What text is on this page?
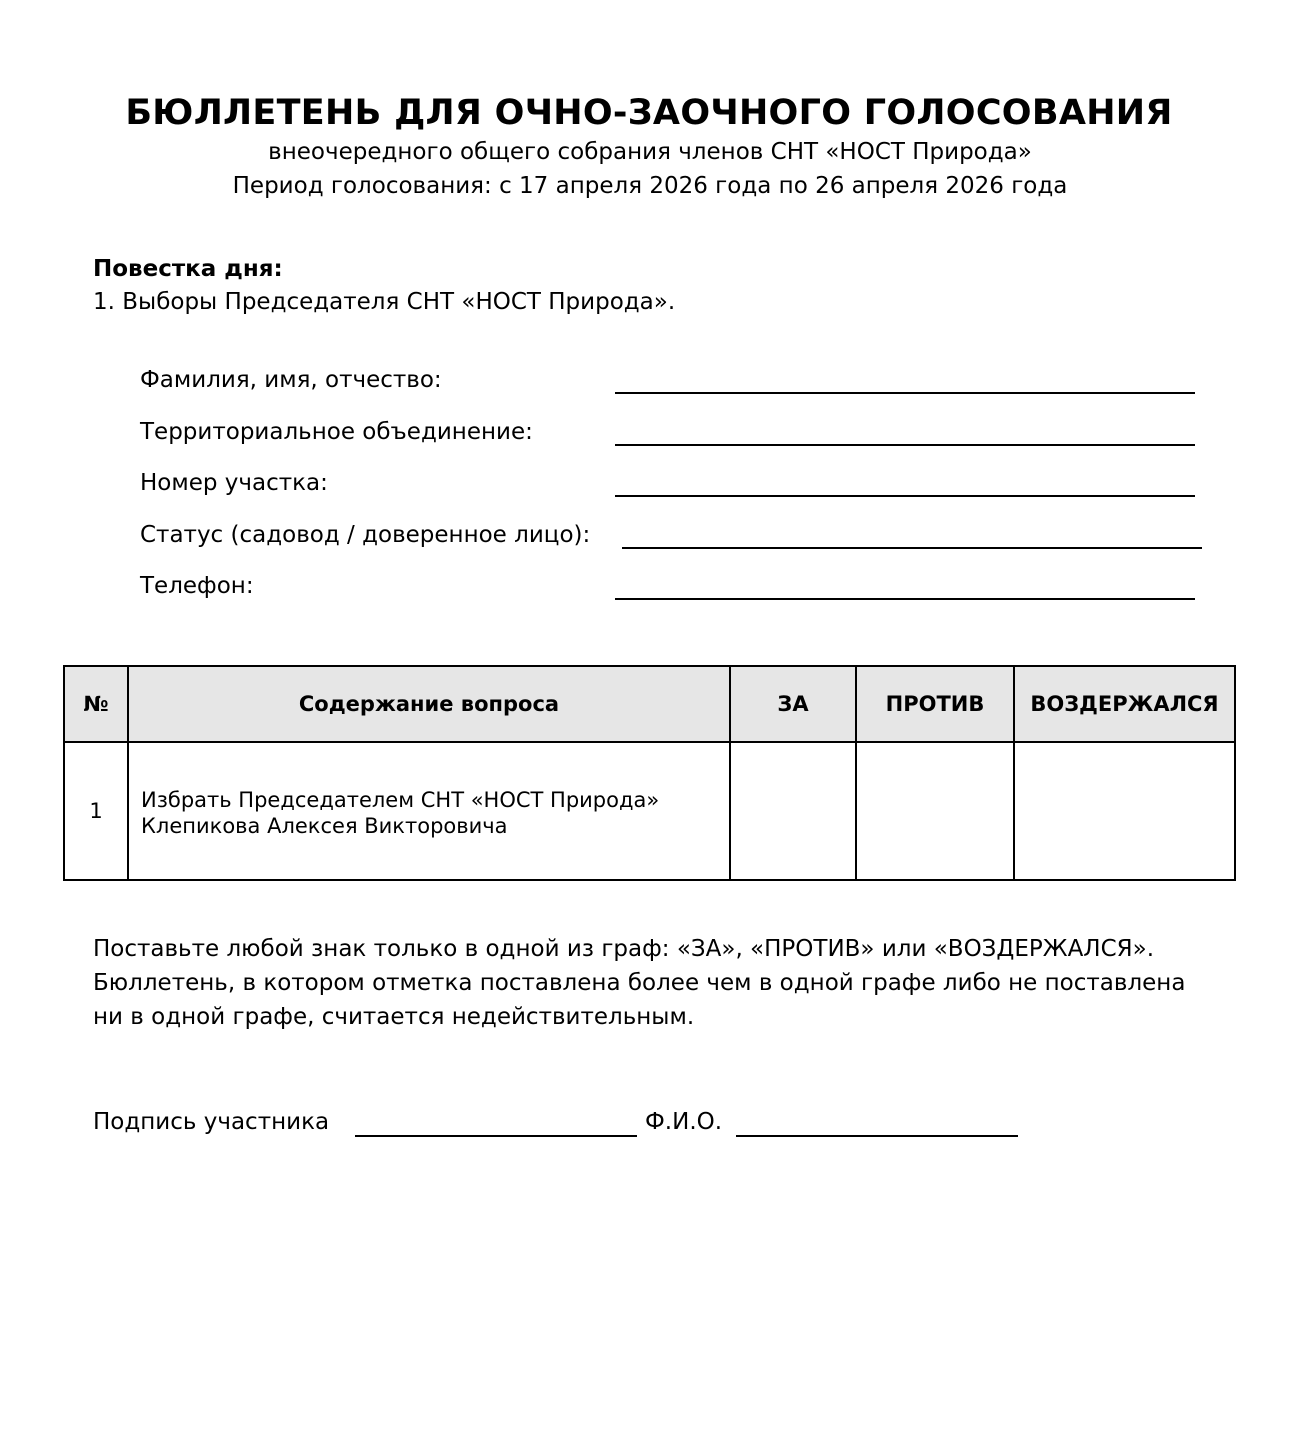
БЮЛЛЕТЕНЬ ДЛЯ ОЧНО-ЗАОЧНОГО ГОЛОСОВАНИЯ
внеочередного общего собрания членов СНТ «НОСТ Природа»
Период голосования: с 17 апреля 2026 года по 26 апреля 2026 года
Повестка дня:
1. Выборы Председателя СНТ «НОСТ Природа».
Фамилия, имя, отчество:
Территориальное объединение:
Номер участка:
Статус (садовод / доверенное лицо):
Телефон:
№	Содержание вопроса	ЗА	ПРОТИВ	ВОЗДЕРЖАЛСЯ
1	Избрать Председателем СНТ «НОСТ Природа»
Клепикова Алексея Викторовича			

Поставьте любой знак только в одной из граф: «ЗА», «ПРОТИВ» или «ВОЗДЕРЖАЛСЯ». Бюллетень, в котором отметка поставлена более чем в одной графе либо не поставлена ни в одной графе, считается недействительным.
Подпись участника	Ф.И.О.
